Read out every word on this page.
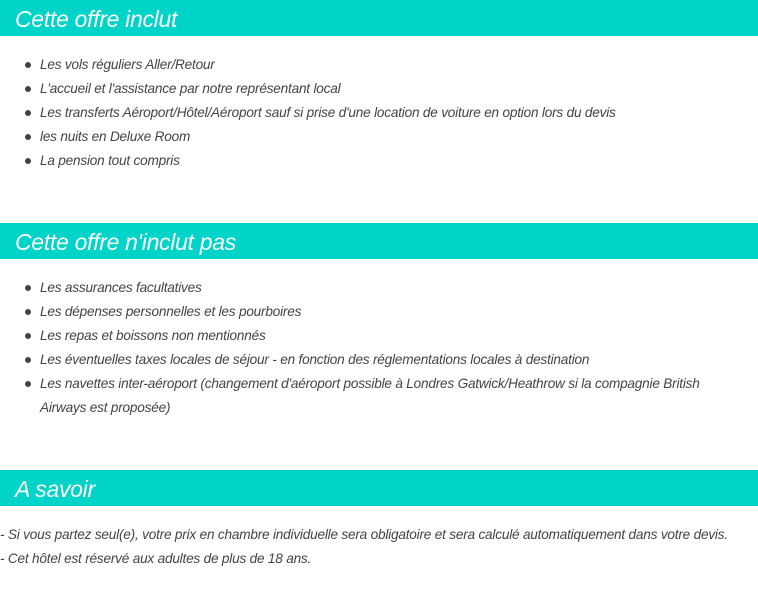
Cette offre inclut
Les vols réguliers Aller/Retour
L'accueil et l'assistance par notre représentant local
Les transferts Aéroport/Hôtel/Aéroport sauf si prise d'une location de voiture en option lors du devis
les nuits en Deluxe Room
La pension tout compris
Cette offre n'inclut pas
Les assurances facultatives
Les dépenses personnelles et les pourboires
Les repas et boissons non mentionnés
Les éventuelles taxes locales de séjour - en fonction des réglementations locales à destination
Les navettes inter-aéroport (changement d'aéroport possible à Londres Gatwick/Heathrow si la compagnie British Airways est proposée)
A savoir

- Si vous partez seul(e), votre prix en chambre individuelle sera obligatoire et sera calculé automatiquement dans votre devis.

- Cet hôtel est réservé aux adultes de plus de 18 ans.
